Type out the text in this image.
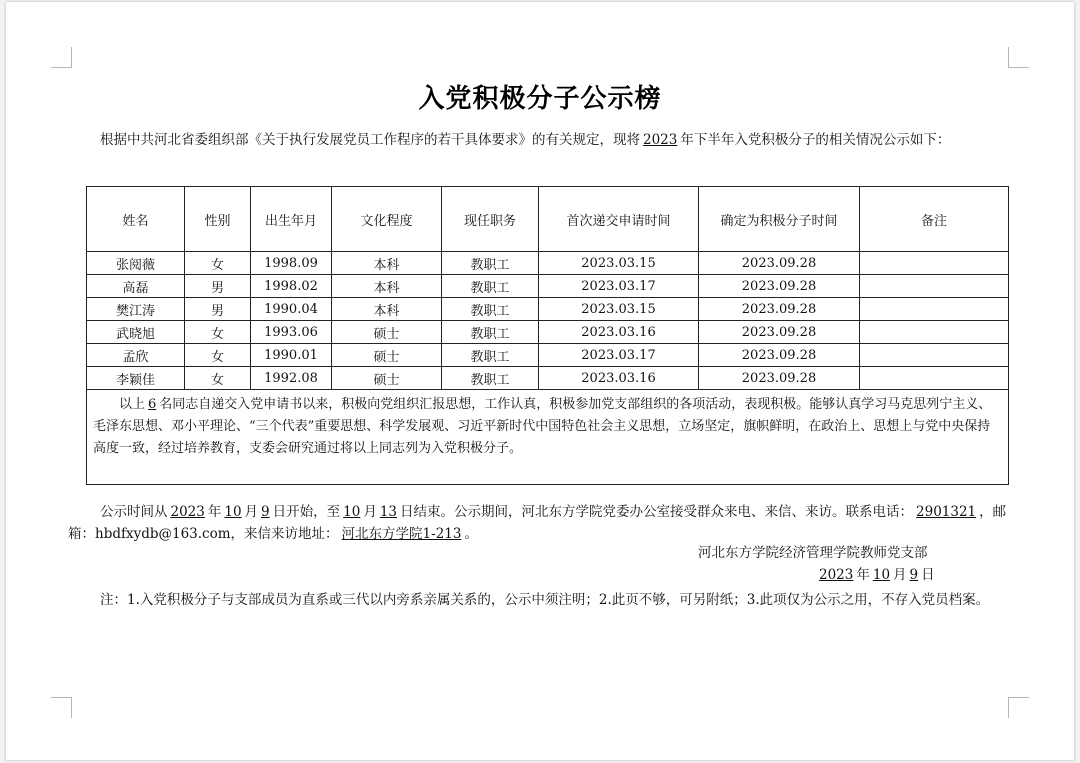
入党积极分子公示榜
根据中共河北省委组织部《关于执行发展党员工作程序的若干具体要求》的有关规定，现将 2023 年下半年入党积极分子的相关情况公示如下：
姓名	性别	出生年月	文化程度	现任职务	首次递交申请时间	确定为积极分子时间	备注
张阅薇	女	1998.09	本科	教职工	2023.03.15	2023.09.28	
高磊	男	1998.02	本科	教职工	2023.03.17	2023.09.28	
樊江涛	男	1990.04	本科	教职工	2023.03.15	2023.09.28	
武晓旭	女	1993.06	硕士	教职工	2023.03.16	2023.09.28	
孟欣	女	1990.01	硕士	教职工	2023.03.17	2023.09.28	
李颖佳	女	1992.08	硕士	教职工	2023.03.16	2023.09.28	
以上 6 名同志自递交入党申请书以来，积极向党组织汇报思想，工作认真，积极参加党支部组织的各项活动，表现积极。能够认真学习马克思列宁主义、毛泽东思想、邓小平理论、“三个代表”重要思想、科学发展观、习近平新时代中国特色社会主义思想，立场坚定，旗帜鲜明，在政治上、思想上与党中央保持高度一致，经过培养教育，支委会研究通过将以上同志列为入党积极分子。							
公示时间从 2023 年 10 月 9 日开始，至 10 月 13 日结束。公示期间，河北东方学院党委办公室接受群众来电、来信、来访。联系电话： 2901321 ，邮箱：hbdfxydb@163.com，来信来访地址： 河北东方学院1-213 。
河北东方学院经济管理学院教师党支部
2023 年 10 月 9 日
注：1.入党积极分子与支部成员为直系或三代以内旁系亲属关系的，公示中须注明；2.此页不够，可另附纸；3.此项仅为公示之用，不存入党员档案。
